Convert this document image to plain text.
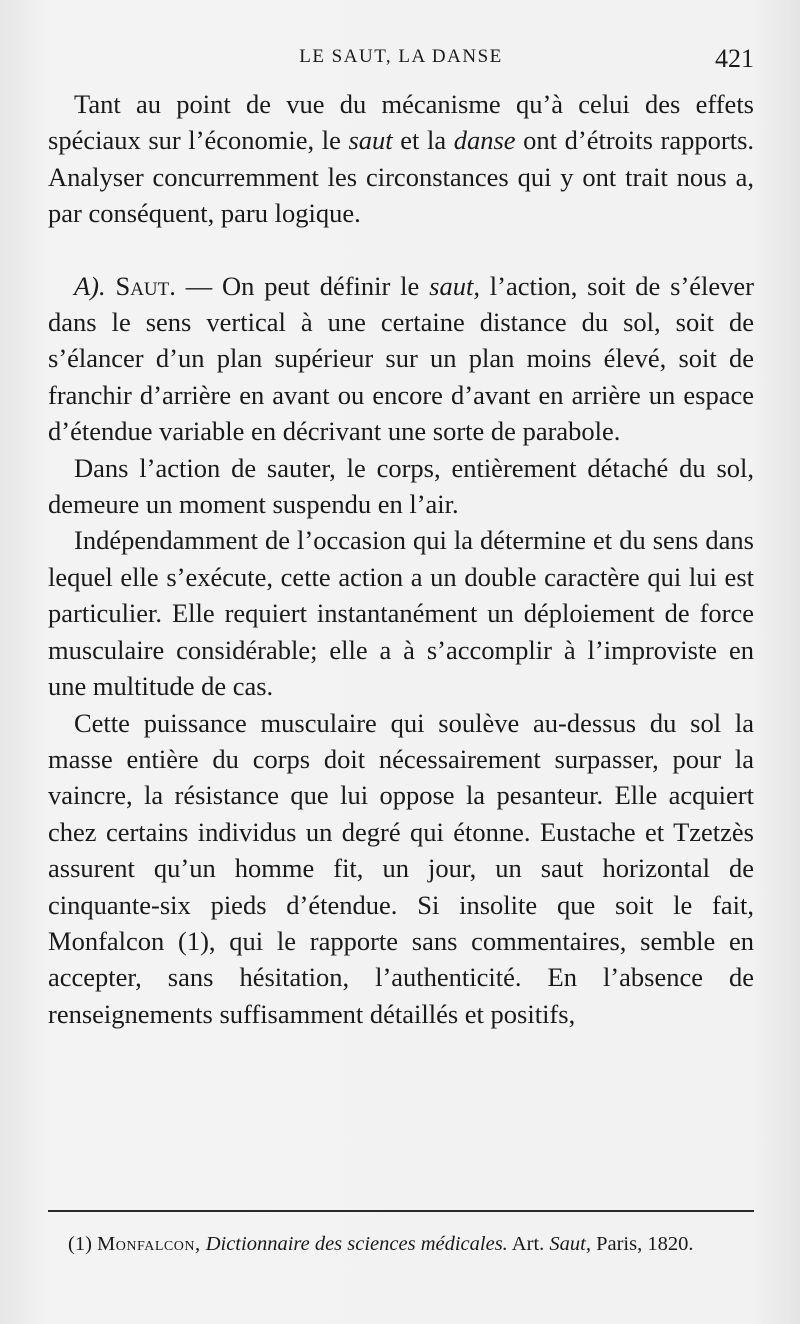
LE SAUT, LA DANSE	421

Tant au point de vue du mécanisme qu’à celui des effets spéciaux sur l’économie, le saut et la danse ont d’étroits rapports. Analyser concurremment les circonstances qui y ont trait nous a, par conséquent, paru logique.

A). Saut. — On peut définir le saut, l’action, soit de s’élever dans le sens vertical à une certaine distance du sol, soit de s’élancer d’un plan supérieur sur un plan moins élevé, soit de franchir d’arrière en avant ou encore d’avant en arrière un espace d’étendue variable en décrivant une sorte de parabole.

Dans l’action de sauter, le corps, entièrement détaché du sol, demeure un moment suspendu en l’air.

Indépendamment de l’occasion qui la détermine et du sens dans lequel elle s’exécute, cette action a un double caractère qui lui est particulier. Elle requiert instantanément un déploiement de force musculaire considérable; elle a à s’accomplir à l’improviste en une multitude de cas.

Cette puissance musculaire qui soulève au-dessus du sol la masse entière du corps doit nécessairement surpasser, pour la vaincre, la résistance que lui oppose la pesanteur. Elle acquiert chez certains individus un degré qui étonne. Eustache et Tzetzès assurent qu’un homme fit, un jour, un saut horizontal de cinquante-six pieds d’étendue. Si insolite que soit le fait, Monfalcon (1), qui le rapporte sans commentaires, semble en accepter, sans hésitation, l’authenticité. En l’absence de renseignements suffisamment détaillés et positifs,

(1) Monfalcon, Dictionnaire des sciences médicales. Art. Saut, Paris, 1820.
